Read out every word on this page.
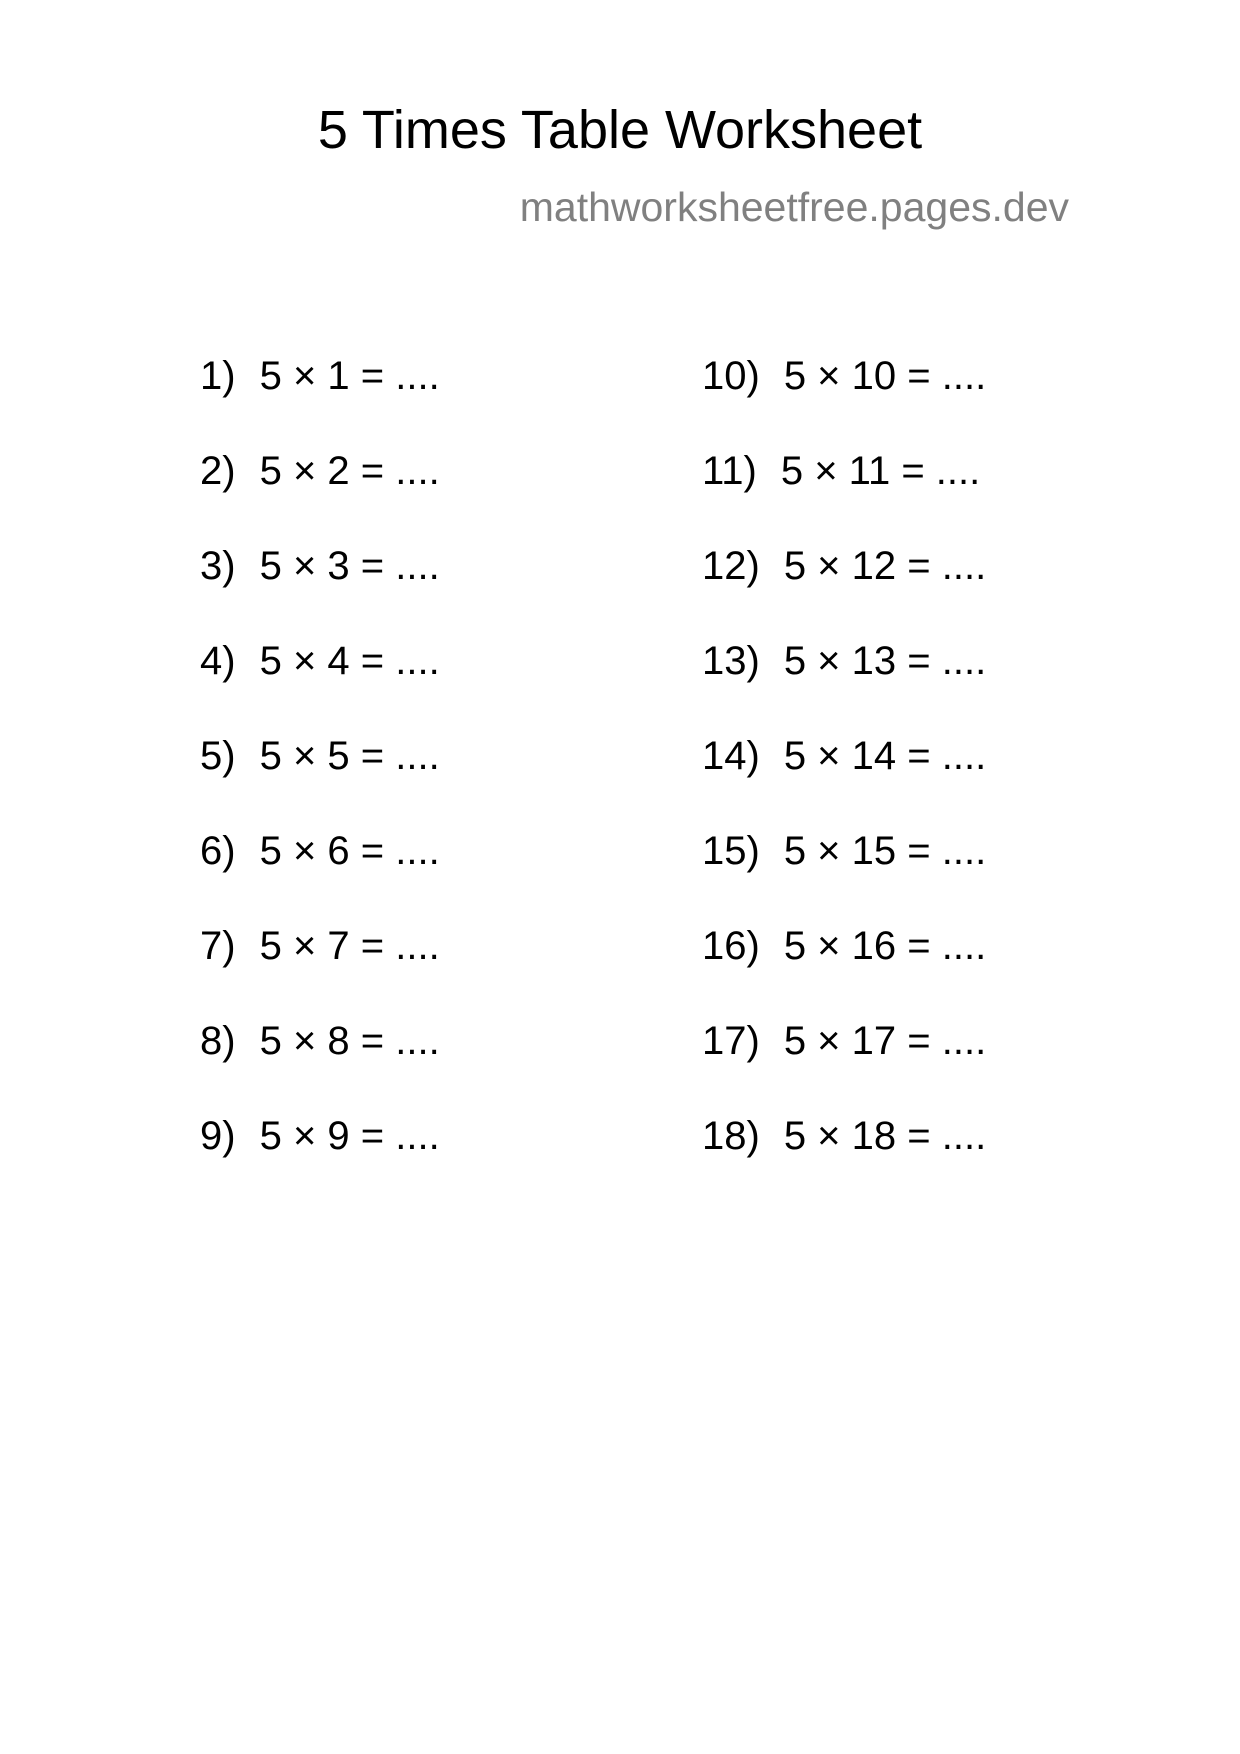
5 Times Table Worksheet
mathworksheetfree.pages.dev
1) 5 × 1 = ....
2) 5 × 2 = ....
3) 5 × 3 = ....
4) 5 × 4 = ....
5) 5 × 5 = ....
6) 5 × 6 = ....
7) 5 × 7 = ....
8) 5 × 8 = ....
9) 5 × 9 = ....
10) 5 × 10 = ....
11) 5 × 11 = ....
12) 5 × 12 = ....
13) 5 × 13 = ....
14) 5 × 14 = ....
15) 5 × 15 = ....
16) 5 × 16 = ....
17) 5 × 17 = ....
18) 5 × 18 = ....
